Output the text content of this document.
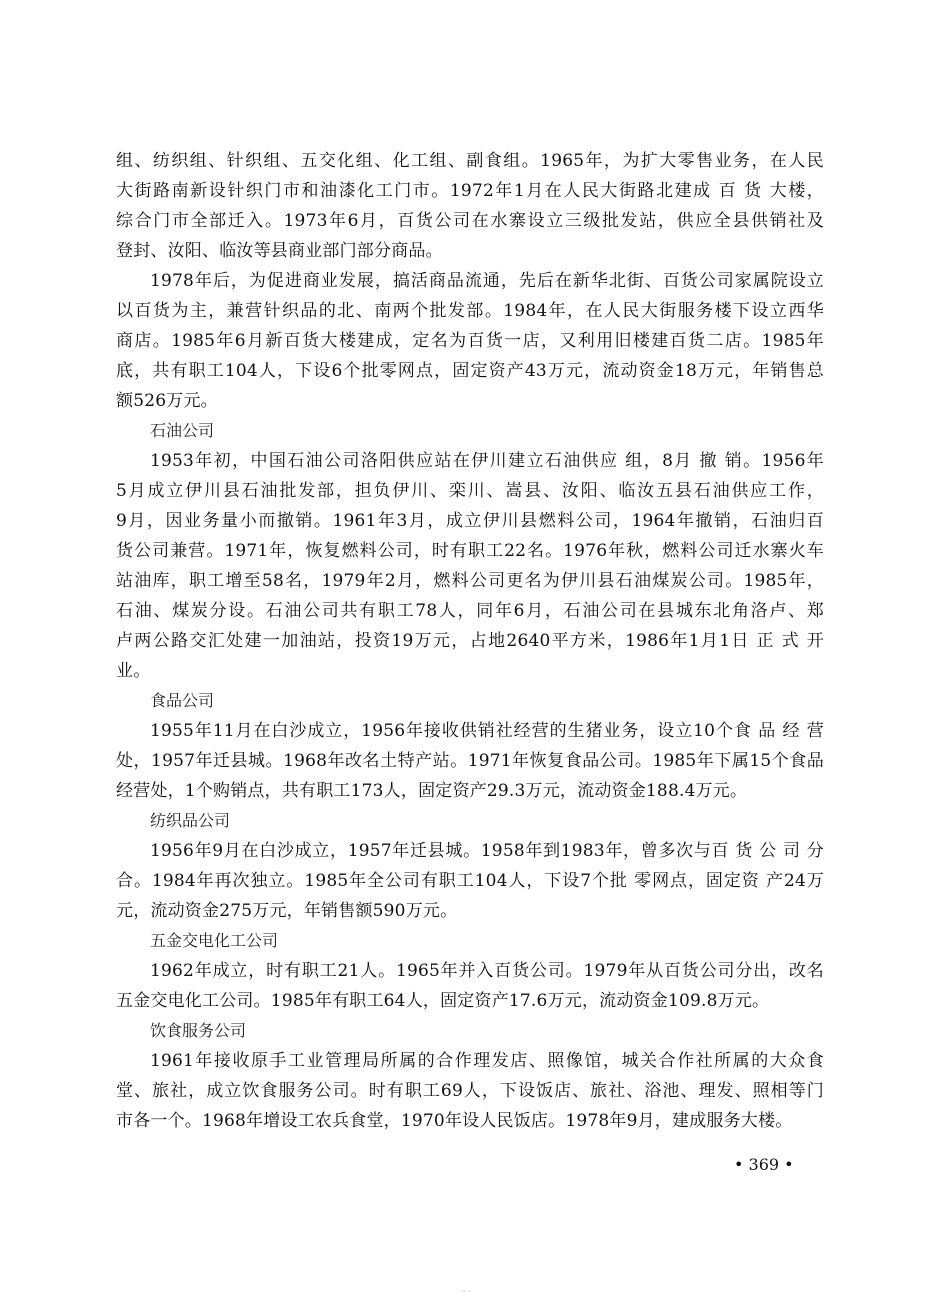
组、纺织组、针织组、五交化组、化工组、副食组。1965年，为扩大零售业务，在人民
大街路南新设针织门市和油漆化工门市。1972年1月在人民大街路北建成 百 货 大楼，
综合门市全部迁入。1973年6月，百货公司在水寨设立三级批发站，供应全县供销社及
登封、汝阳、临汝等县商业部门部分商品。
1978年后，为促进商业发展，搞活商品流通，先后在新华北街、百货公司家属院设立
以百货为主，兼营针织品的北、南两个批发部。1984年，在人民大街服务楼下设立西华
商店。1985年6月新百货大楼建成，定名为百货一店，又利用旧楼建百货二店。1985年
底，共有职工104人，下设6个批零网点，固定资产43万元，流动资金18万元，年销售总
额526万元。
石油公司
1953年初，中国石油公司洛阳供应站在伊川建立石油供应 组，8月 撤 销。1956年
5月成立伊川县石油批发部，担负伊川、栾川、嵩县、汝阳、临汝五县石油供应工作，
9月，因业务量小而撤销。1961年3月，成立伊川县燃料公司，1964年撤销，石油归百
货公司兼营。1971年，恢复燃料公司，时有职工22名。1976年秋，燃料公司迁水寨火车
站油库，职工增至58名，1979年2月，燃料公司更名为伊川县石油煤炭公司。1985年，
石油、煤炭分设。石油公司共有职工78人，同年6月，石油公司在县城东北角洛卢、郑
卢两公路交汇处建一加油站，投资19万元，占地2640平方米，1986年1月1日 正 式 开
业。
食品公司
1955年11月在白沙成立，1956年接收供销社经营的生猪业务，设立10个食 品 经 营
处，1957年迁县城。1968年改名土特产站。1971年恢复食品公司。1985年下属15个食品
经营处，1个购销点，共有职工173人，固定资产29.3万元，流动资金188.4万元。
纺织品公司
1956年9月在白沙成立，1957年迁县城。1958年到1983年，曾多次与百 货 公 司 分
合。1984年再次独立。1985年全公司有职工104人，下设7个批 零网点，固定资 产24万
元，流动资金275万元，年销售额590万元。
五金交电化工公司
1962年成立，时有职工21人。1965年并入百货公司。1979年从百货公司分出，改名
五金交电化工公司。1985年有职工64人，固定资产17.6万元，流动资金109.8万元。
饮食服务公司
1961年接收原手工业管理局所属的合作理发店、照像馆，城关合作社所属的大众食
堂、旅社，成立饮食服务公司。时有职工69人，下设饭店、旅社、浴池、理发、照相等门
市各一个。1968年增设工农兵食堂，1970年设人民饭店。1978年9月，建成服务大楼。
• 369 •
·· ·
